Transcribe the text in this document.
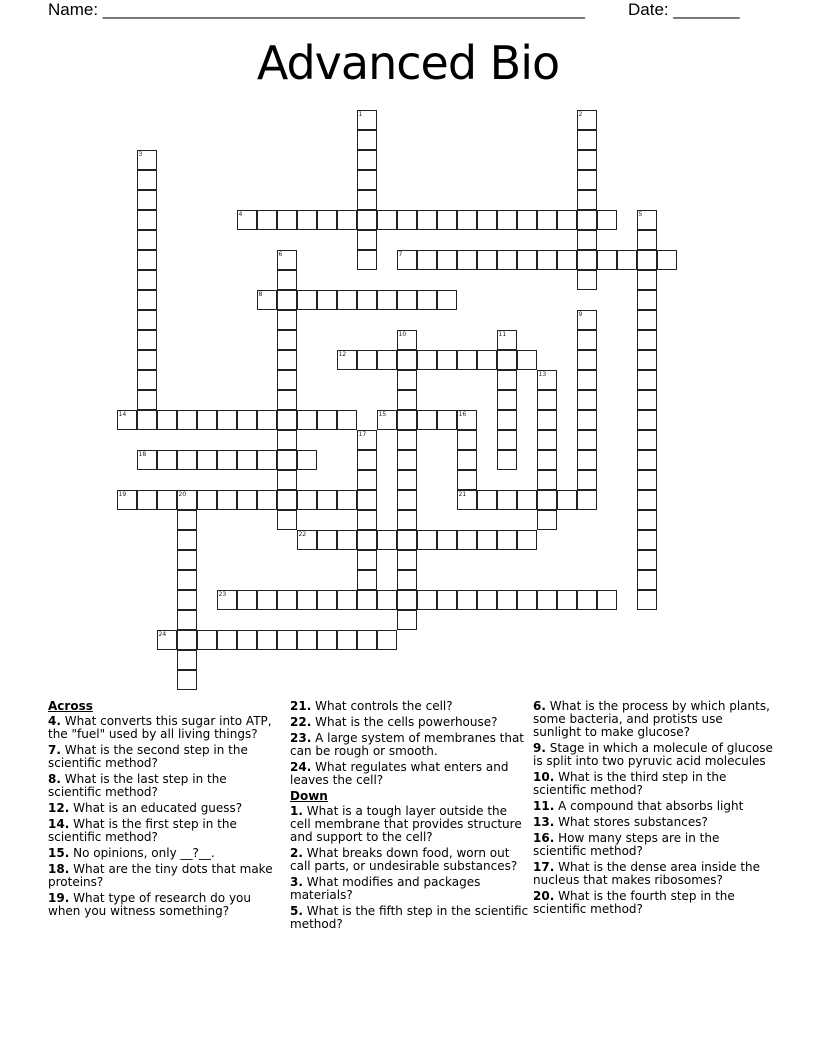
Name: ___________________________________________________	Date: _______
Advanced Bio
1	2
3
4	5
6	7
8
9
10	11
12
13
14	15	16
21
17
18
19	20
22
23
24
Across
4. What converts this sugar into ATP, the "fuel" used by all living things?
7. What is the second step in the scientific method?
8. What is the last step in the scientific method?
12. What is an educated guess?
14. What is the first step in the scientific method?
15. No opinions, only __?__.
18. What are the tiny dots that make proteins?
19. What type of research do you when you witness something?
21. What controls the cell?
22. What is the cells powerhouse?
23. A large system of membranes that can be rough or smooth.
24. What regulates what enters and leaves the cell?
Down
1. What is a tough layer outside the cell membrane that provides structure and support to the cell?
2. What breaks down food, worn out call parts, or undesirable substances?
3. What modifies and packages materials?
5. What is the fifth step in the scientific method?
6. What is the process by which plants, some bacteria, and protists use sunlight to make glucose?
9. Stage in which a molecule of glucose is split into two pyruvic acid molecules
10. What is the third step in the scientific method?
11. A compound that absorbs light
13. What stores substances?
16. How many steps are in the scientific method?
17. What is the dense area inside the nucleus that makes ribosomes?
20. What is the fourth step in the scientific method?
